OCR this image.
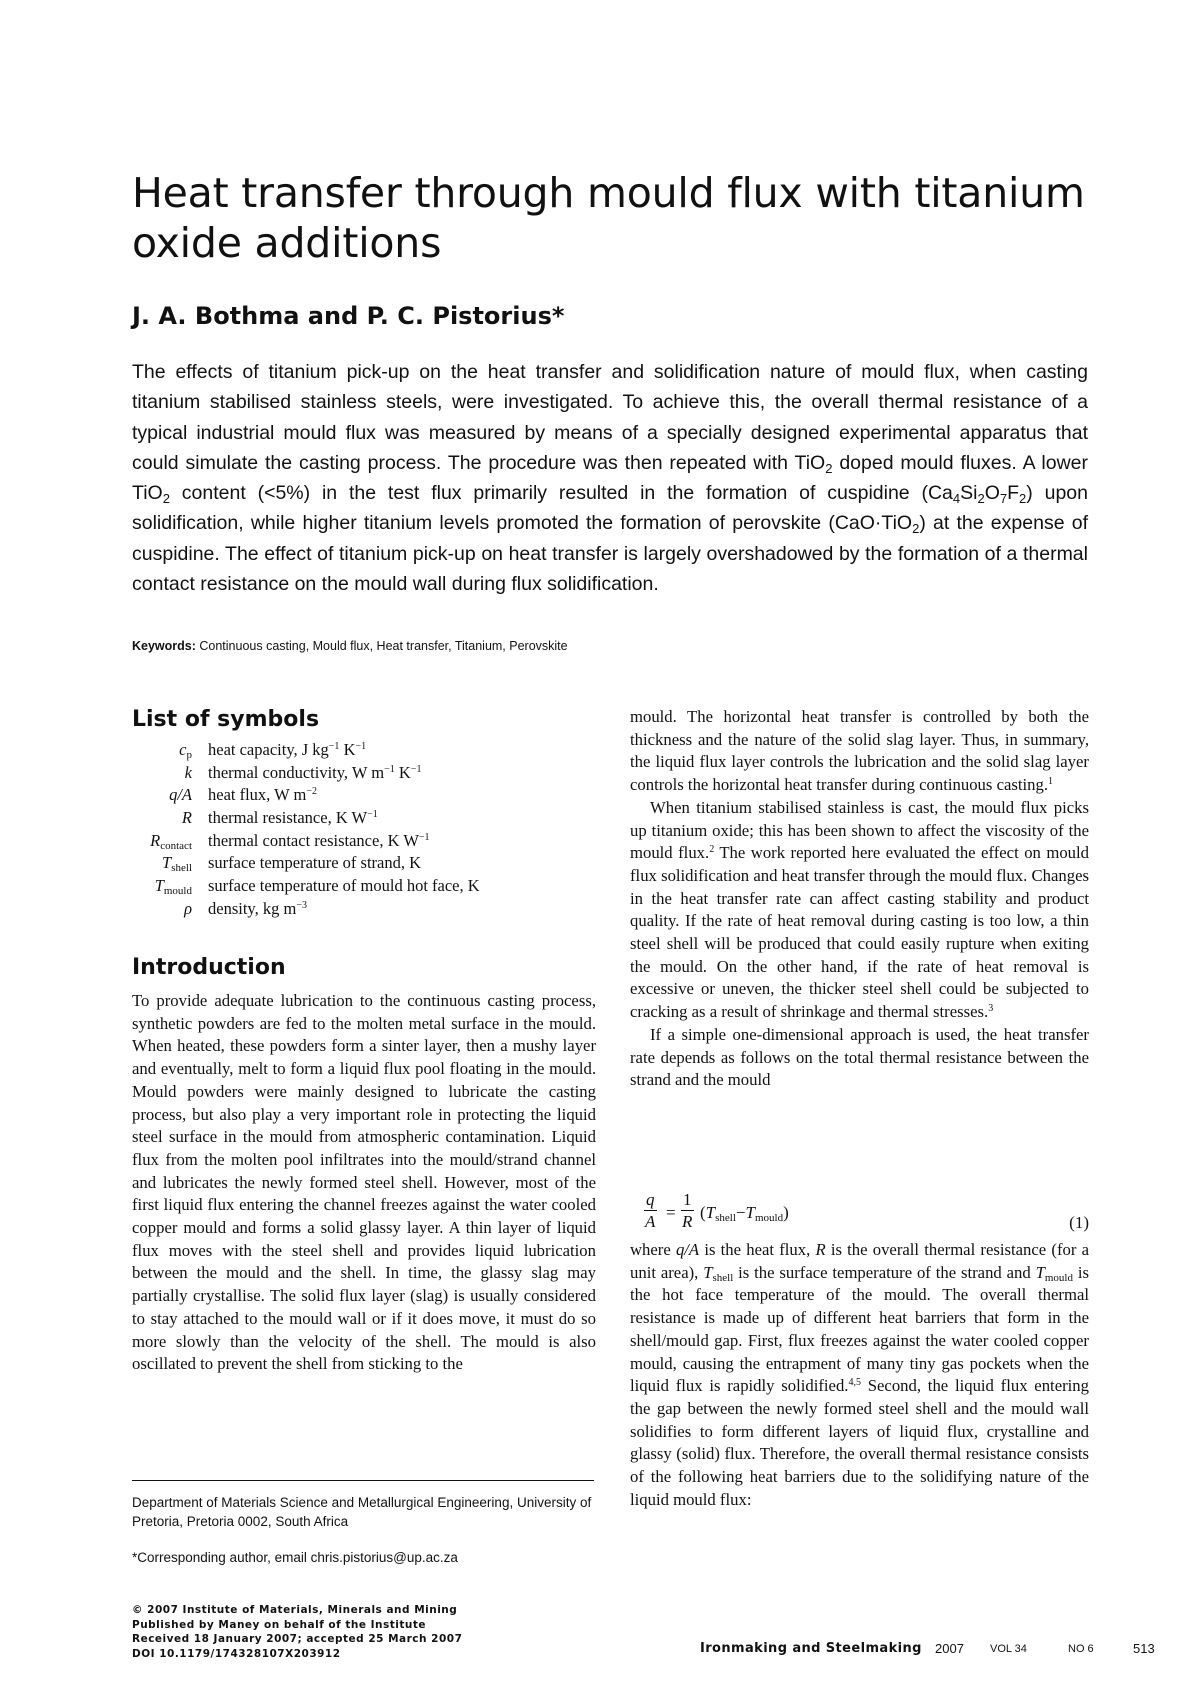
Heat transfer through mould flux with titanium oxide additions
J. A. Bothma and P. C. Pistorius*

The effects of titanium pick-up on the heat transfer and solidification nature of mould flux, when casting titanium stabilised stainless steels, were investigated. To achieve this, the overall thermal resistance of a typical industrial mould flux was measured by means of a specially designed experimental apparatus that could simulate the casting process. The procedure was then repeated with TiO$_2$ doped mould fluxes. A lower TiO$_2$ content (<5%) in the test flux primarily resulted in the formation of cuspidine $(Ca_4Si_2O_7F_2)$ upon solidification, while higher titanium levels promoted the formation of perovskite (CaO·TiO$_2$) at the expense of cuspidine. The effect of titanium pick-up on heat transfer is largely overshadowed by the formation of a thermal contact resistance on the mould wall during flux solidification.

Keywords: Continuous casting, Mould flux, Heat transfer, Titanium, Perovskite

List of symbols
$c_p$ heat capacity, J $kg^{-1}$ $K^{-1}$
k thermal conductivity, W $m^{-1}$ $K^{-1}$
q/A heat flux, W $m^{-2}$
R thermal resistance, K $W^{-1}$
$R_{contact}$ thermal contact resistance, K $W^{-1}$
$T_{shell}$ surface temperature of strand, K
$T_{mould}$ surface temperature of mould hot face, K
ρ density, kg $m^{-3}$
Introduction

To provide adequate lubrication to the continuous casting process, synthetic powders are fed to the molten metal surface in the mould. When heated, these powders form a sinter layer, then a mushy layer and eventually, melt to form a liquid flux pool floating in the mould. Mould powders were mainly designed to lubricate the casting process, but also play a very important role in protecting the liquid steel surface in the mould from atmospheric contamination. Liquid flux from the molten pool infiltrates into the mould/strand channel and lubricates the newly formed steel shell. However, most of the first liquid flux entering the channel freezes against the water cooled copper mould and forms a solid glassy layer. A thin layer of liquid flux moves with the steel shell and provides liquid lubrication between the mould and the shell. In time, the glassy slag may partially crystallise. The solid flux layer (slag) is usually considered to stay attached to the mould wall or if it does move, it must do so more slowly than the velocity of the shell. The mould is also oscillated to prevent the shell from sticking to the

mould. The horizontal heat transfer is controlled by both the thickness and the nature of the solid slag layer. Thus, in summary, the liquid flux layer controls the lubrication and the solid slag layer controls the horizontal heat transfer during continuous casting.$^1$

When titanium stabilised stainless is cast, the mould flux picks up titanium oxide; this has been shown to affect the viscosity of the mould flux.$^2$ The work reported here evaluated the effect on mould flux solidification and heat transfer through the mould flux. Changes in the heat transfer rate can affect casting stability and product quality. If the rate of heat removal during casting is too low, a thin steel shell will be produced that could easily rupture when exiting the mould. On the other hand, if the rate of heat removal is excessive or uneven, the thicker steel shell could be subjected to cracking as a result of shrinkage and thermal stresses.$^3$

If a simple one-dimensional approach is used, the heat transfer rate depends as follows on the total thermal resistance between the strand and the mould

$\frac{q}{A} = \frac{1}{R} (T_{shell}-T_{mould})$
(1)

where q/A is the heat flux, R is the overall thermal resistance (for a unit area), $T_{shell}$ is the surface temperature of the strand and $T_{mould}$ is the hot face temperature of the mould. The overall thermal resistance is made up of different heat barriers that form in the shell/mould gap. First, flux freezes against the water cooled copper mould, causing the entrapment of many tiny gas pockets when the liquid flux is rapidly solidified.$^{4,5}$ Second, the liquid flux entering the gap between the newly formed steel shell and the mould wall solidifies to form different layers of liquid flux, crystalline and glassy (solid) flux. Therefore, the overall thermal resistance consists of the following heat barriers due to the solidifying nature of the liquid mould flux:

Department of Materials Science and Metallurgical Engineering, University of Pretoria, Pretoria 0002, South Africa

*Corresponding author, email chris.pistorius@up.ac.za

© 2007 Institute of Materials, Minerals and Mining
Published by Maney on behalf of the Institute
Received 18 January 2007; accepted 25 March 2007
DOI 10.1179/174328107X203912	Ironmaking and Steelmaking 2007 VOL 34	NO 6	513
